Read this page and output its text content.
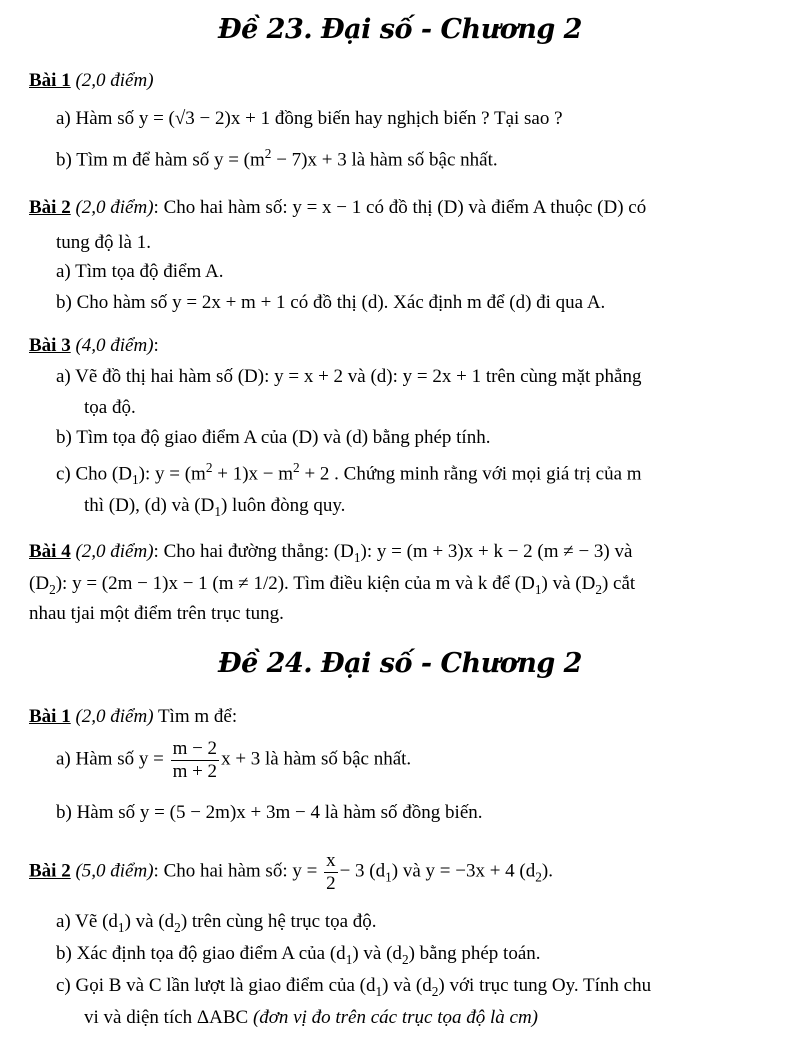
Đề 23. Đại số - Chương 2
Bài 1 (2,0 điểm)
a) Hàm số y = (√3 − 2)x + 1 đồng biến hay nghịch biến ? Tại sao ?
b) Tìm m để hàm số $y = (m^2 - 7)x + 3$ là hàm số bậc nhất.
Bài 2 (2,0 điểm): Cho hai hàm số: y = x − 1 có đồ thị (D) và điểm A thuộc (D) có
tung độ là 1.
a) Tìm tọa độ điểm A.
b) Cho hàm số y = 2x + m + 1 có đồ thị (d). Xác định m để (d) đi qua A.
Bài 3 (4,0 điểm):
a) Vẽ đồ thị hai hàm số (D): y = x + 2 và (d): y = 2x + 1 trên cùng mặt phẳng
tọa độ.
b) Tìm tọa độ giao điểm A của (D) và (d) bằng phép tính.
c) Cho $(D_1)$: $y = (m^2 + 1)x - m^2 + 2$ . Chứng minh rằng với mọi giá trị của m
thì (D), (d) và $(D_1)$ luôn đòng quy.
Bài 4 (2,0 điểm): Cho hai đường thẳng: $(D_1)$: y = (m + 3)x + k − 2 (m ≠ − 3) và
$(D_2)$: y = (2m − 1)x − 1 (m ≠ 1/2). Tìm điều kiện của m và k để $(D_1)$ và $(D_2)$ cắt
nhau tjai một điểm trên trục tung.
Đề 24. Đại số - Chương 2
Bài 1 (2,0 điểm) Tìm m để:
a) Hàm số $y = \frac{m - 2}{m + 2}$ x + 3 là hàm số bậc nhất.
b) Hàm số y = (5 − 2m)x + 3m − 4 là hàm số đồng biến.
Bài 2 (5,0 điểm): Cho hai hàm số: $y = \frac{x}{2} - 3$ $(d_1)$ và y = −3x + 4 $(d_2)$.
a) Vẽ $(d_1)$ và $(d_2)$ trên cùng hệ trục tọa độ.
b) Xác định tọa độ giao điểm A của $(d_1)$ và $(d_2)$ bằng phép toán.
c) Gọi B và C lần lượt là giao điểm của $(d_1)$ và $(d_2)$ với trục tung Oy. Tính chu
vi và diện tích ΔABC (đơn vị đo trên các trục tọa độ là cm)
